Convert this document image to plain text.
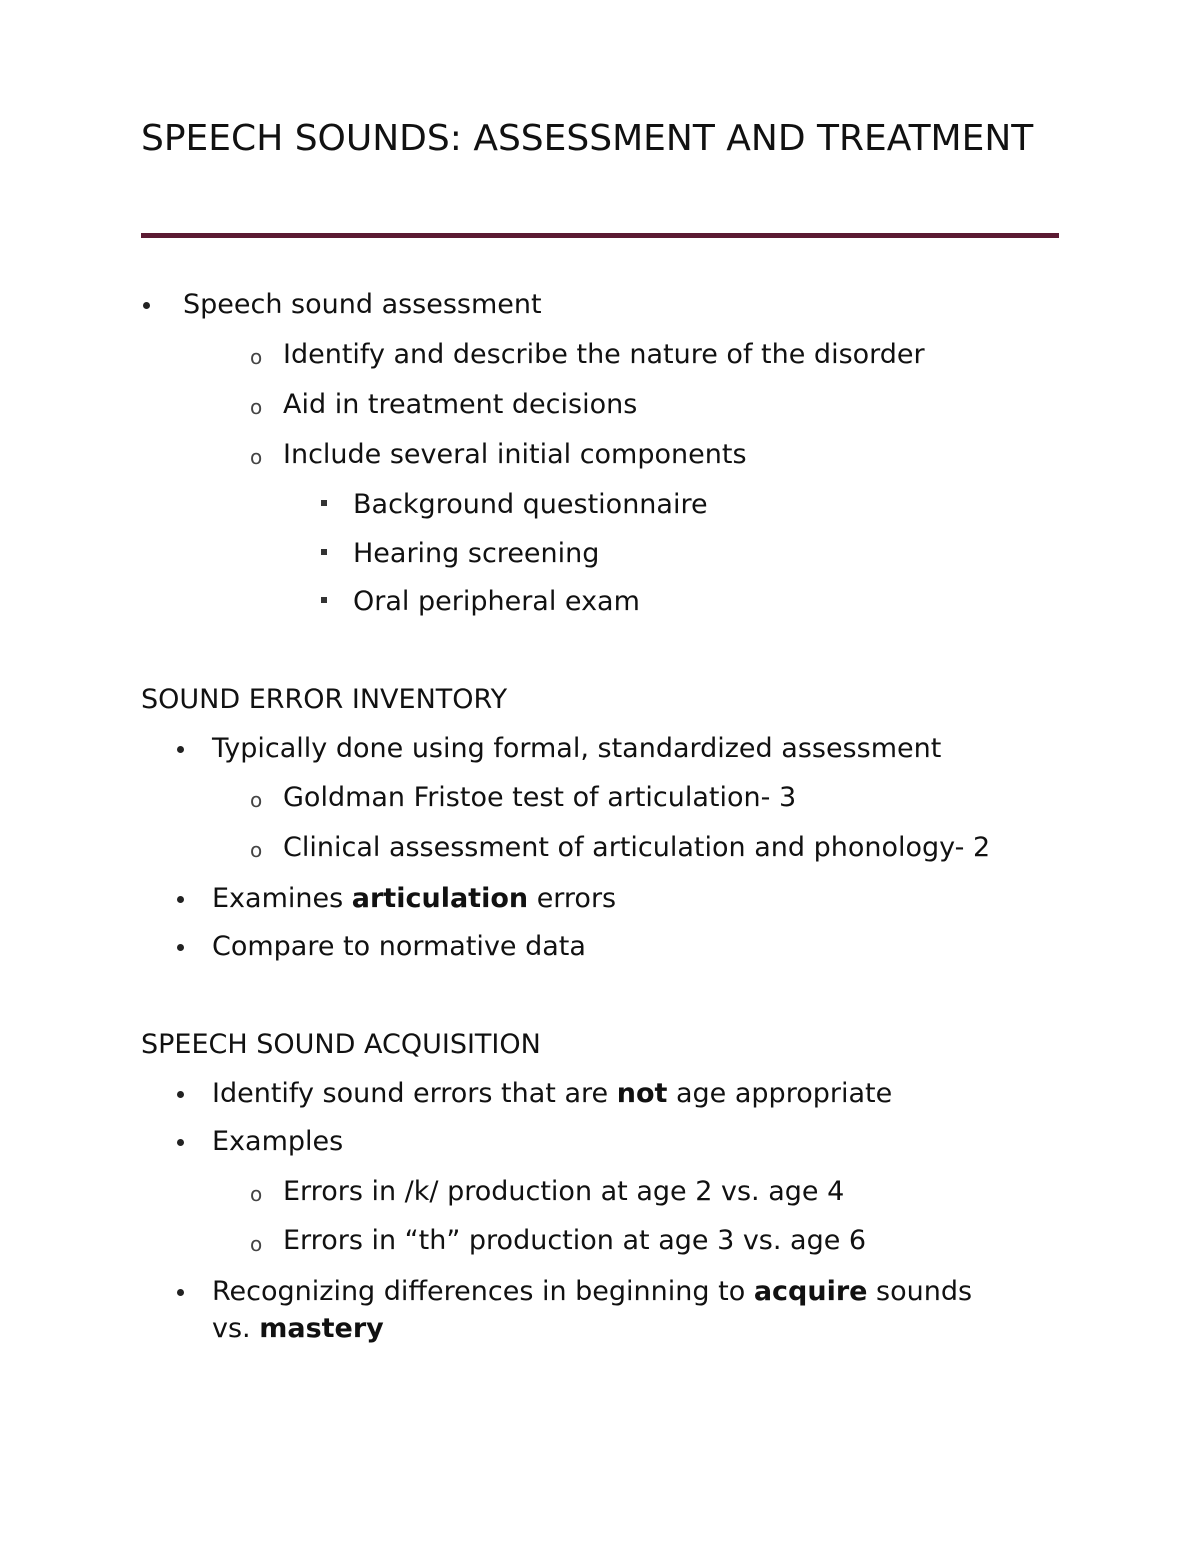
SPEECH SOUNDS: ASSESSMENT AND TREATMENT
Speech sound assessment
o Identify and describe the nature of the disorder
o Aid in treatment decisions
o Include several initial components
Background questionnaire
Hearing screening
Oral peripheral exam
SOUND ERROR INVENTORY
Typically done using formal, standardized assessment
o Goldman Fristoe test of articulation- 3
o Clinical assessment of articulation and phonology- 2
Examines articulation errors
Compare to normative data
SPEECH SOUND ACQUISITION
Identify sound errors that are not age appropriate
Examples
o Errors in /k/ production at age 2 vs. age 4
o Errors in “th” production at age 3 vs. age 6
Recognizing differences in beginning to acquire sounds
vs. mastery
